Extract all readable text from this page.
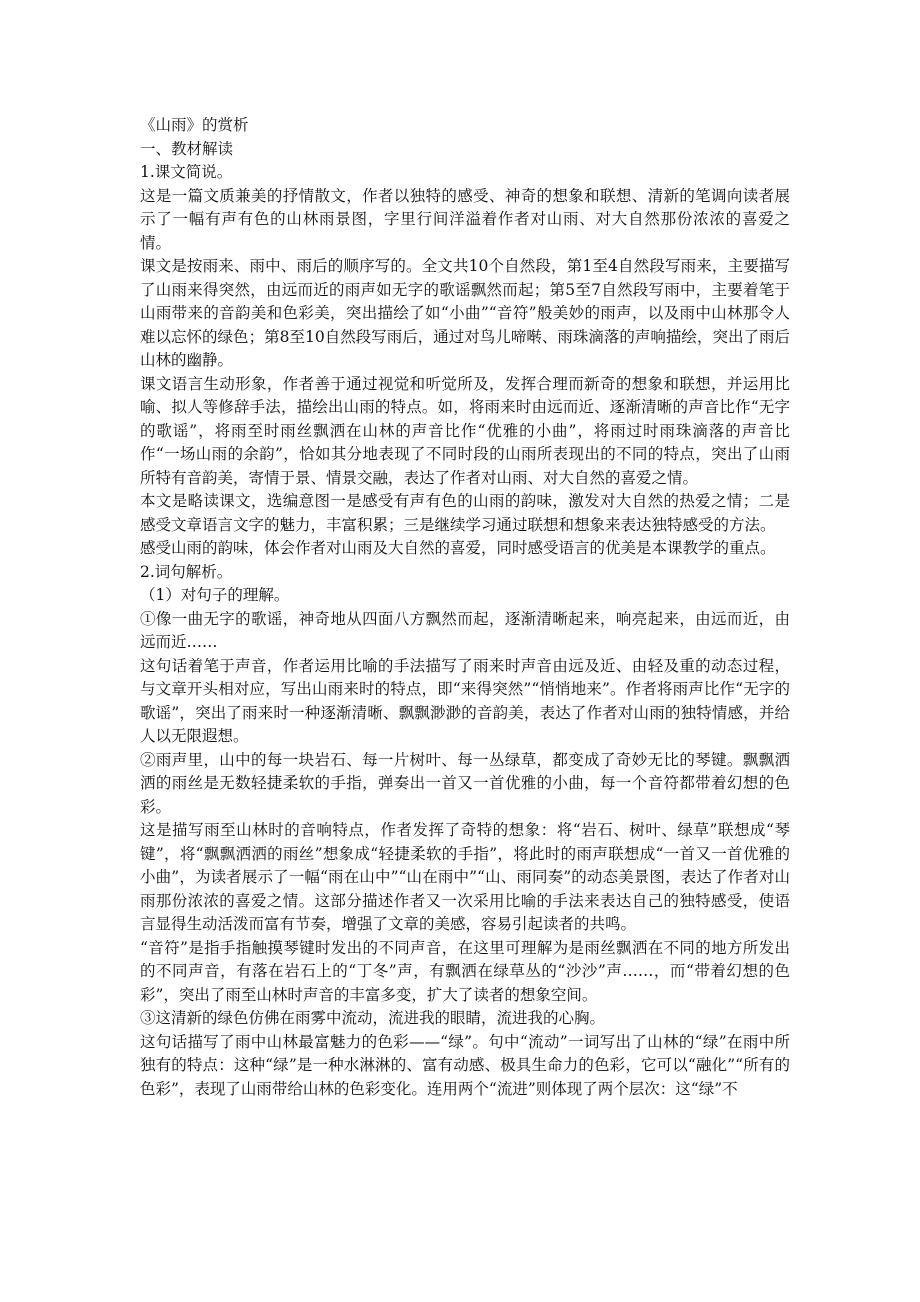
《山雨》的赏析

一、教材解读

1.课文简说。

这是一篇文质兼美的抒情散文，作者以独特的感受、神奇的想象和联想、清新的笔调向读者展示了一幅有声有色的山林雨景图，字里行间洋溢着作者对山雨、对大自然那份浓浓的喜爱之情。

课文是按雨来、雨中、雨后的顺序写的。全文共10个自然段，第1至4自然段写雨来，主要描写了山雨来得突然，由远而近的雨声如无字的歌谣飘然而起；第5至7自然段写雨中，主要着笔于山雨带来的音韵美和色彩美，突出描绘了如“小曲”“音符”般美妙的雨声，以及雨中山林那令人难以忘怀的绿色；第8至10自然段写雨后，通过对鸟儿啼啭、雨珠滴落的声响描绘，突出了雨后山林的幽静。

课文语言生动形象，作者善于通过视觉和听觉所及，发挥合理而新奇的想象和联想，并运用比喻、拟人等修辞手法，描绘出山雨的特点。如，将雨来时由远而近、逐渐清晰的声音比作“无字的歌谣”，将雨至时雨丝飘洒在山林的声音比作“优雅的小曲”，将雨过时雨珠滴落的声音比作“一场山雨的余韵”，恰如其分地表现了不同时段的山雨所表现出的不同的特点，突出了山雨所特有音韵美，寄情于景、情景交融，表达了作者对山雨、对大自然的喜爱之情。

本文是略读课文，选编意图一是感受有声有色的山雨的韵味，激发对大自然的热爱之情；二是感受文章语言文字的魅力，丰富积累；三是继续学习通过联想和想象来表达独特感受的方法。

感受山雨的韵味，体会作者对山雨及大自然的喜爱，同时感受语言的优美是本课教学的重点。

2.词句解析。

（1）对句子的理解。

①像一曲无字的歌谣，神奇地从四面八方飘然而起，逐渐清晰起来，响亮起来，由远而近，由远而近……

这句话着笔于声音，作者运用比喻的手法描写了雨来时声音由远及近、由轻及重的动态过程，与文章开头相对应，写出山雨来时的特点，即“来得突然”“悄悄地来”。作者将雨声比作“无字的歌谣”，突出了雨来时一种逐渐清晰、飘飘渺渺的音韵美，表达了作者对山雨的独特情感，并给人以无限遐想。

②雨声里，山中的每一块岩石、每一片树叶、每一丛绿草，都变成了奇妙无比的琴键。飘飘洒洒的雨丝是无数轻捷柔软的手指，弹奏出一首又一首优雅的小曲，每一个音符都带着幻想的色彩。

这是描写雨至山林时的音响特点，作者发挥了奇特的想象：将“岩石、树叶、绿草”联想成“琴键”，将“飘飘洒洒的雨丝”想象成“轻捷柔软的手指”，将此时的雨声联想成“一首又一首优雅的小曲”，为读者展示了一幅“雨在山中”“山在雨中”“山、雨同奏”的动态美景图，表达了作者对山雨那份浓浓的喜爱之情。这部分描述作者又一次采用比喻的手法来表达自己的独特感受，使语言显得生动活泼而富有节奏，增强了文章的美感，容易引起读者的共鸣。

“音符”是指手指触摸琴键时发出的不同声音，在这里可理解为是雨丝飘洒在不同的地方所发出的不同声音，有落在岩石上的“丁冬”声，有飘洒在绿草丛的“沙沙”声……，而“带着幻想的色彩”，突出了雨至山林时声音的丰富多变，扩大了读者的想象空间。

③这清新的绿色仿佛在雨雾中流动，流进我的眼睛，流进我的心胸。

这句话描写了雨中山林最富魅力的色彩——“绿”。句中“流动”一词写出了山林的“绿”在雨中所独有的特点：这种“绿”是一种水淋淋的、富有动感、极具生命力的色彩，它可以“融化”“所有的色彩”，表现了山雨带给山林的色彩变化。连用两个“流进”则体现了两个层次：这“绿”不
